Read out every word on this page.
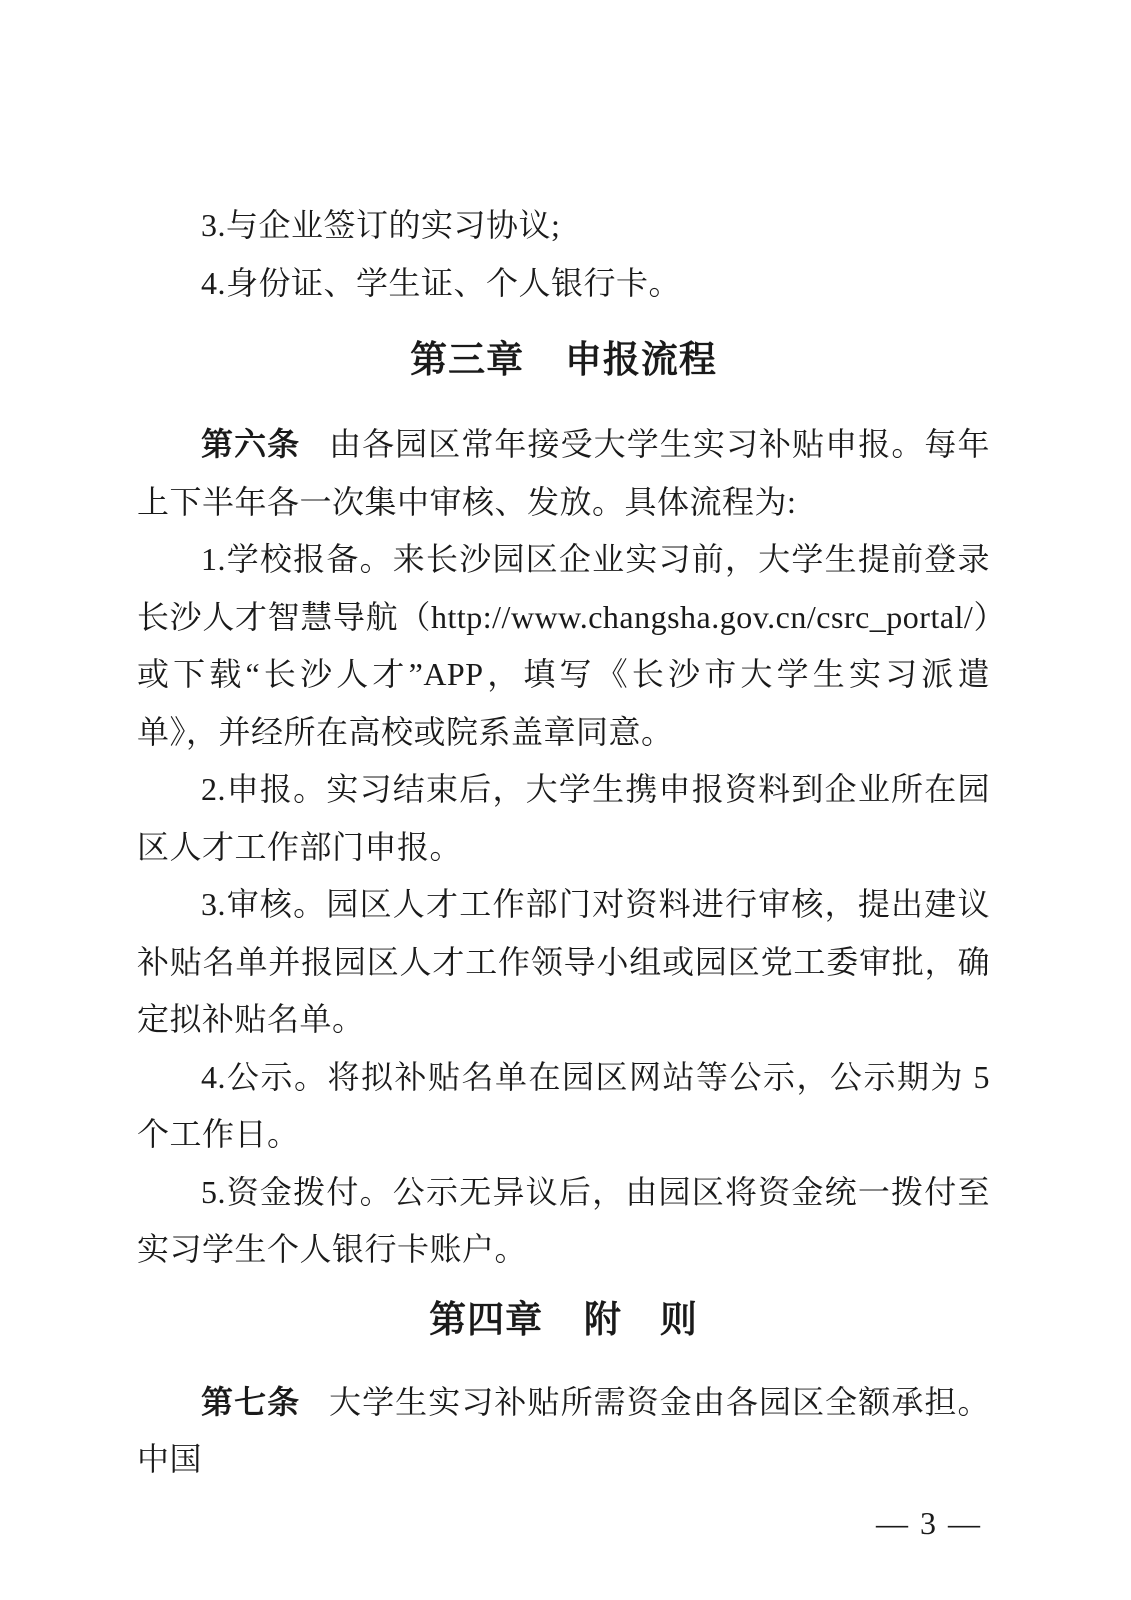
3.与企业签订的实习协议;

4.身份证、学生证、个人银行卡。

第三章 申报流程

第六条 由各园区常年接受大学生实习补贴申报。每年上下半年各一次集中审核、发放。具体流程为:

1.学校报备。来长沙园区企业实习前，大学生提前登录长沙人才智慧导航（http://www.changsha.gov.cn/csrc_portal/）或下载“长沙人才”APP，填写《长沙市大学生实习派遣单》，并经所在高校或院系盖章同意。

2.申报。实习结束后，大学生携申报资料到企业所在园区人才工作部门申报。

3.审核。园区人才工作部门对资料进行审核，提出建议补贴名单并报园区人才工作领导小组或园区党工委审批，确定拟补贴名单。

4.公示。将拟补贴名单在园区网站等公示，公示期为 5 个工作日。

5.资金拨付。公示无异议后，由园区将资金统一拨付至实习学生个人银行卡账户。

第四章 附　则

第七条 大学生实习补贴所需资金由各园区全额承担。中国

— 3 —
